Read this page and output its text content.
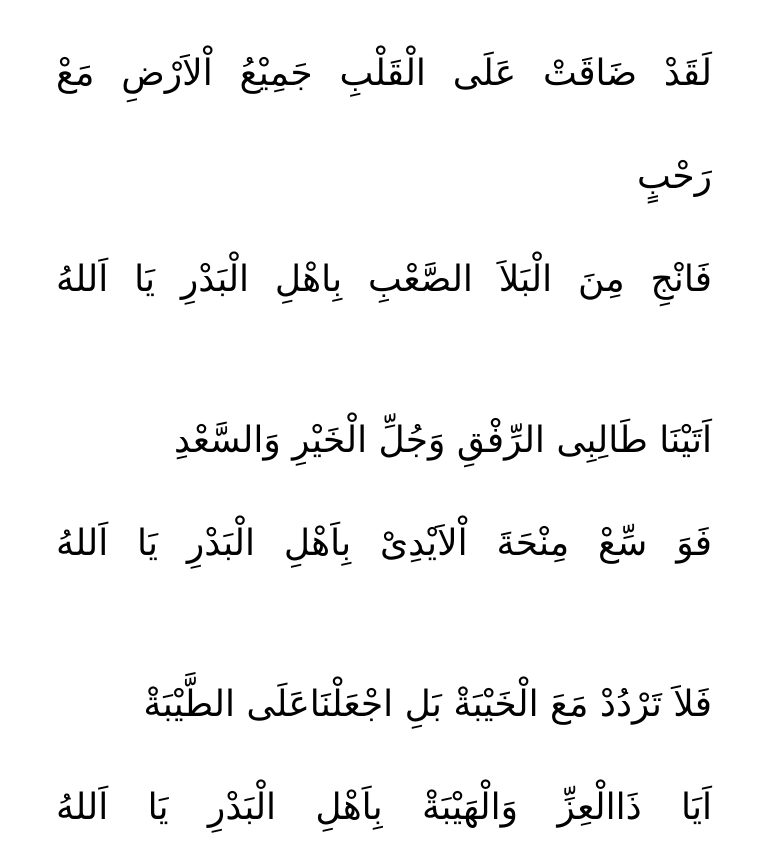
لَقَدْ ضَاقَتْ عَلَى الْقَلْبِ جَمِيْعُ اْلاَرْضِ مَعْ
رَحْبٍ
فَانْجِ مِنَ الْبَلاَ الصَّعْبِ بِاهْلِ الْبَدْرِ يَا اَللهُ
اَتَيْنَا طَالِبِى الرِّفْقِ وَجُلِّ الْخَيْرِ وَالسَّعْدِ
فَوَ سِّعْ مِنْحَةَ اْلاَيْدِىْ بِاَهْلِ الْبَدْرِ يَا اَللهُ
فَلاَ تَرْدُدْ مَعَ الْخَيْبَةْ بَلِ اجْعَلْنَاعَلَى الطَّيْبَةْ
اَيَا ذَاالْعِزِّ وَالْهَيْبَةْ بِاَهْلِ الْبَدْرِ يَا اَللهُ
